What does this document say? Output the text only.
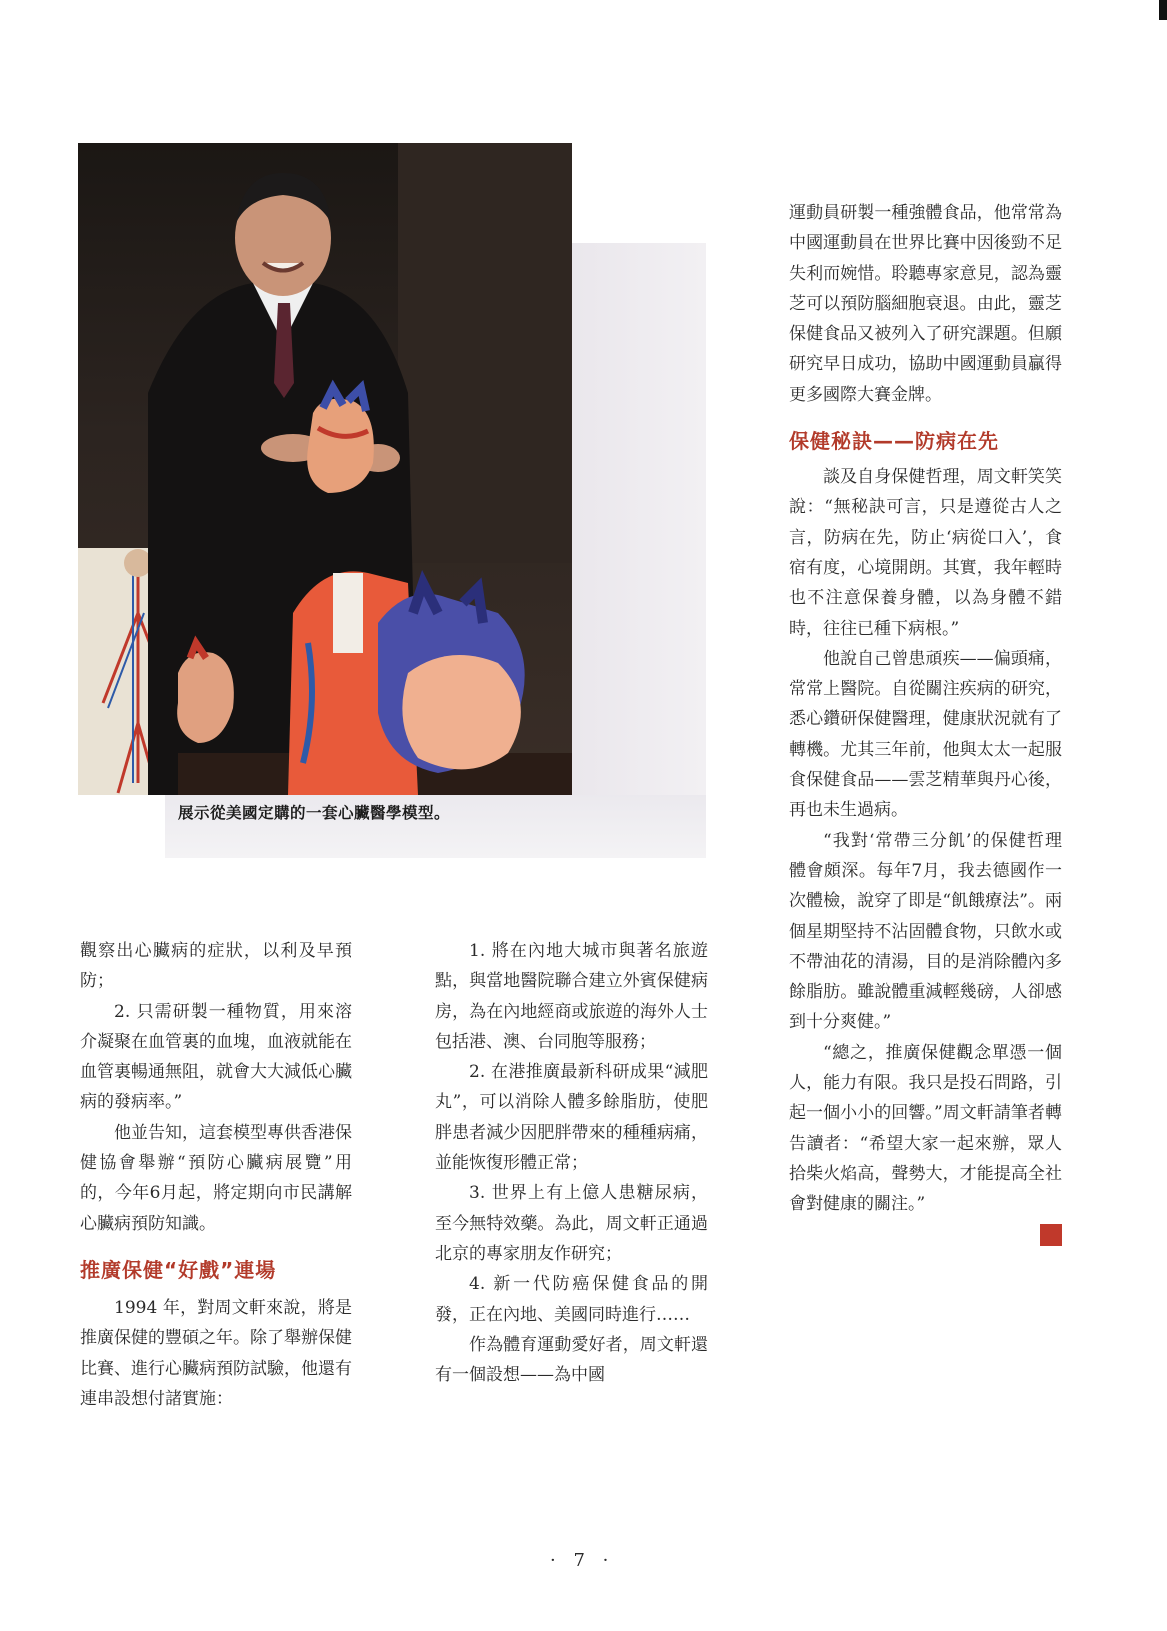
展示從美國定購的一套心臟醫學模型。

觀察出心臟病的症狀，以利及早預防；

2. 只需研製一種物質，用來溶介凝聚在血管裏的血塊，血液就能在血管裏暢通無阻，就會大大減低心臟病的發病率。”

他並告知，這套模型專供香港保健協會舉辦“預防心臟病展覽”用的，今年6月起，將定期向市民講解心臟病預防知識。

推廣保健“好戲”連場

1994 年，對周文軒來說，將是推廣保健的豐碩之年。除了舉辦保健比賽、進行心臟病預防試驗，他還有連串設想付諸實施：

1. 將在內地大城市與著名旅遊點，與當地醫院聯合建立外賓保健病房，為在內地經商或旅遊的海外人士包括港、澳、台同胞等服務；

2. 在港推廣最新科研成果“減肥丸”，可以消除人體多餘脂肪，使肥胖患者減少因肥胖帶來的種種病痛，並能恢復形體正常；

3. 世界上有上億人患糖尿病，至今無特效藥。為此，周文軒正通過北京的專家朋友作研究；

4. 新一代防癌保健食品的開發，正在內地、美國同時進行……

作為體育運動愛好者，周文軒還有一個設想——為中國

運動員研製一種強體食品，他常常為中國運動員在世界比賽中因後勁不足失利而婉惜。聆聽專家意見，認為靈芝可以預防腦細胞衰退。由此，靈芝保健食品又被列入了研究課題。但願研究早日成功，協助中國運動員贏得更多國際大賽金牌。

保健秘訣——防病在先

談及自身保健哲理，周文軒笑笑說：“無秘訣可言，只是遵從古人之言，防病在先，防止‘病從口入’，食宿有度，心境開朗。其實，我年輕時也不注意保養身體，以為身體不錯時，往往已種下病根。”

他說自己曾患頑疾——偏頭痛，常常上醫院。自從關注疾病的研究，悉心鑽研保健醫理，健康狀況就有了轉機。尤其三年前，他與太太一起服食保健食品——雲芝精華與丹心後，再也未生過病。

“我對‘常帶三分飢’的保健哲理體會頗深。每年7月，我去德國作一次體檢，說穿了即是“飢餓療法”。兩個星期堅持不沾固體食物，只飲水或不帶油花的清湯，目的是消除體內多餘脂肪。雖說體重減輕幾磅，人卻感到十分爽健。”

“總之，推廣保健觀念單憑一個人，能力有限。我只是投石問路，引起一個小小的回響。”周文軒請筆者轉告讀者：“希望大家一起來辦，眾人拾柴火焰高，聲勢大，才能提高全社會對健康的關注。”

· 7 ·
